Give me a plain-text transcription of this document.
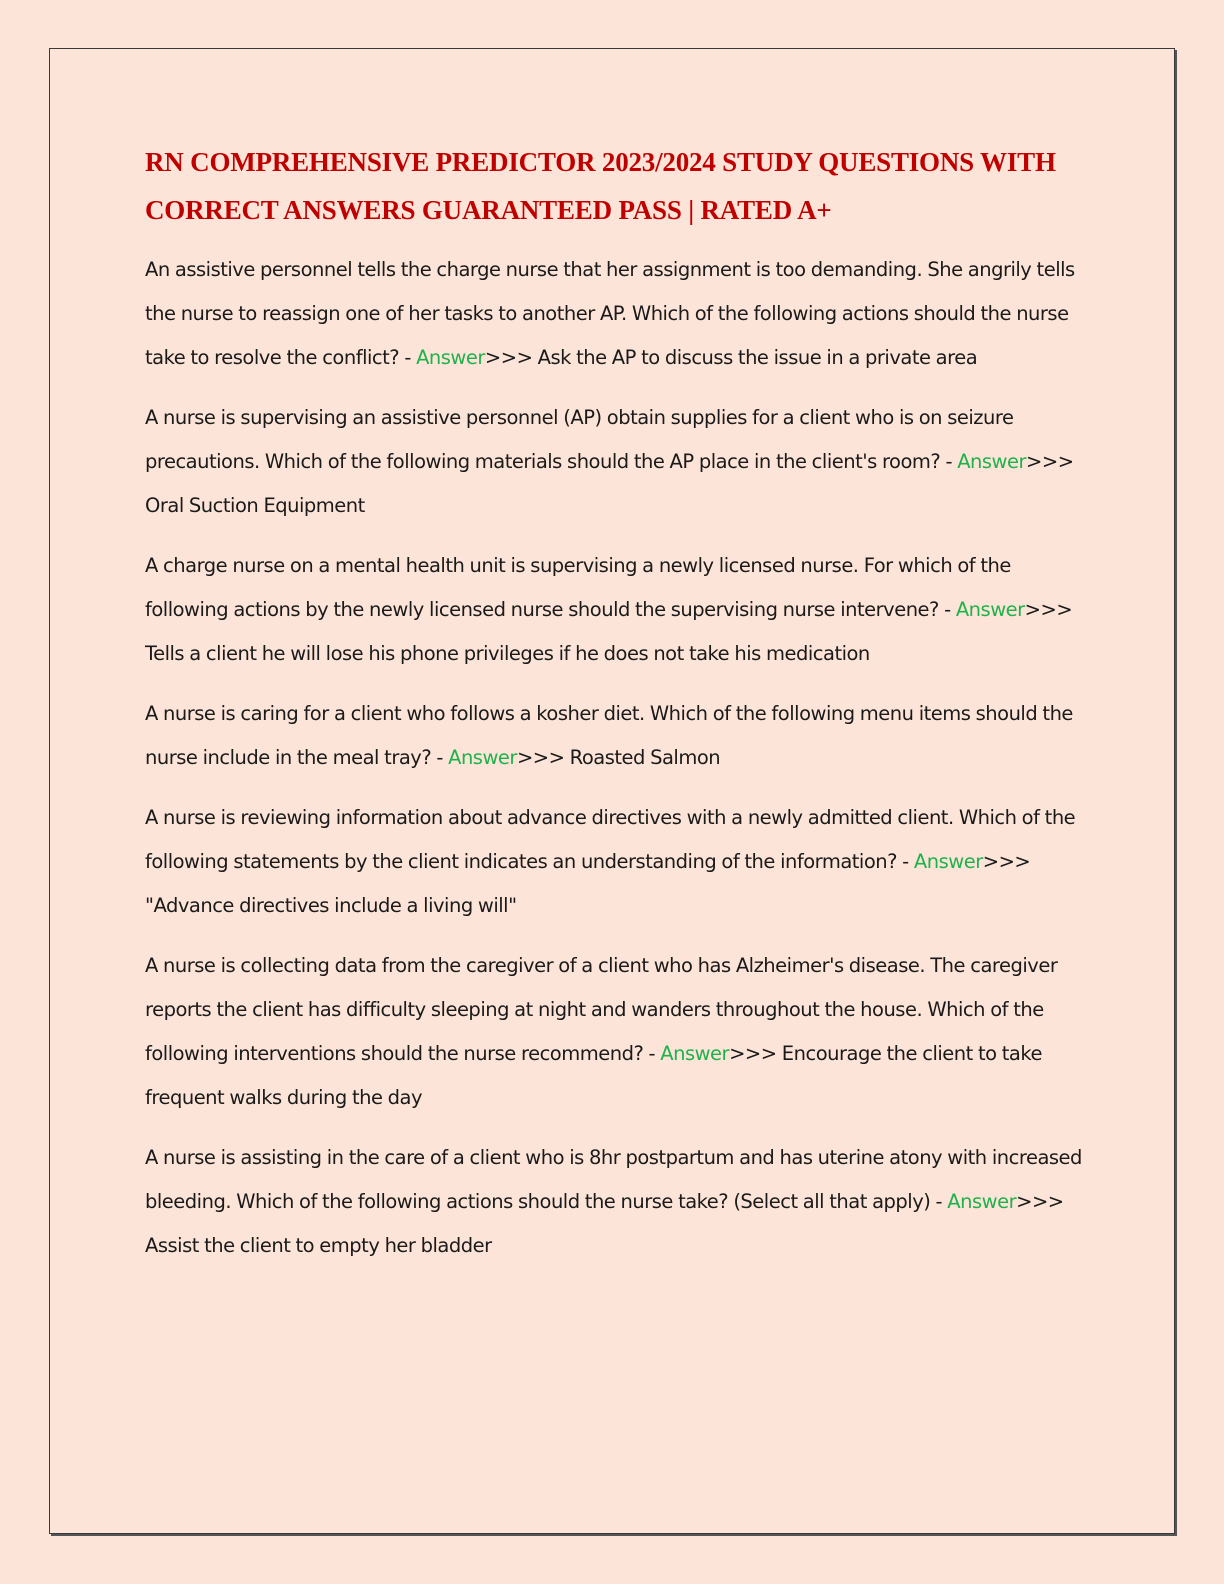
RN COMPREHENSIVE PREDICTOR 2023/2024 STUDY QUESTIONS WITH CORRECT ANSWERS GUARANTEED PASS | RATED A+

An assistive personnel tells the charge nurse that her assignment is too demanding. She angrily tells the nurse to reassign one of her tasks to another AP. Which of the following actions should the nurse take to resolve the conflict? - Answer>>> Ask the AP to discuss the issue in a private area

A nurse is supervising an assistive personnel (AP) obtain supplies for a client who is on seizure precautions. Which of the following materials should the AP place in the client's room? - Answer>>> Oral Suction Equipment

A charge nurse on a mental health unit is supervising a newly licensed nurse. For which of the following actions by the newly licensed nurse should the supervising nurse intervene? - Answer>>> Tells a client he will lose his phone privileges if he does not take his medication

A nurse is caring for a client who follows a kosher diet. Which of the following menu items should the nurse include in the meal tray? - Answer>>> Roasted Salmon

A nurse is reviewing information about advance directives with a newly admitted client. Which of the following statements by the client indicates an understanding of the information? - Answer>>> "Advance directives include a living will"

A nurse is collecting data from the caregiver of a client who has Alzheimer's disease. The caregiver reports the client has difficulty sleeping at night and wanders throughout the house. Which of the following interventions should the nurse recommend? - Answer>>> Encourage the client to take frequent walks during the day

A nurse is assisting in the care of a client who is 8hr postpartum and has uterine atony with increased bleeding. Which of the following actions should the nurse take? (Select all that apply) - Answer>>> Assist the client to empty her bladder
